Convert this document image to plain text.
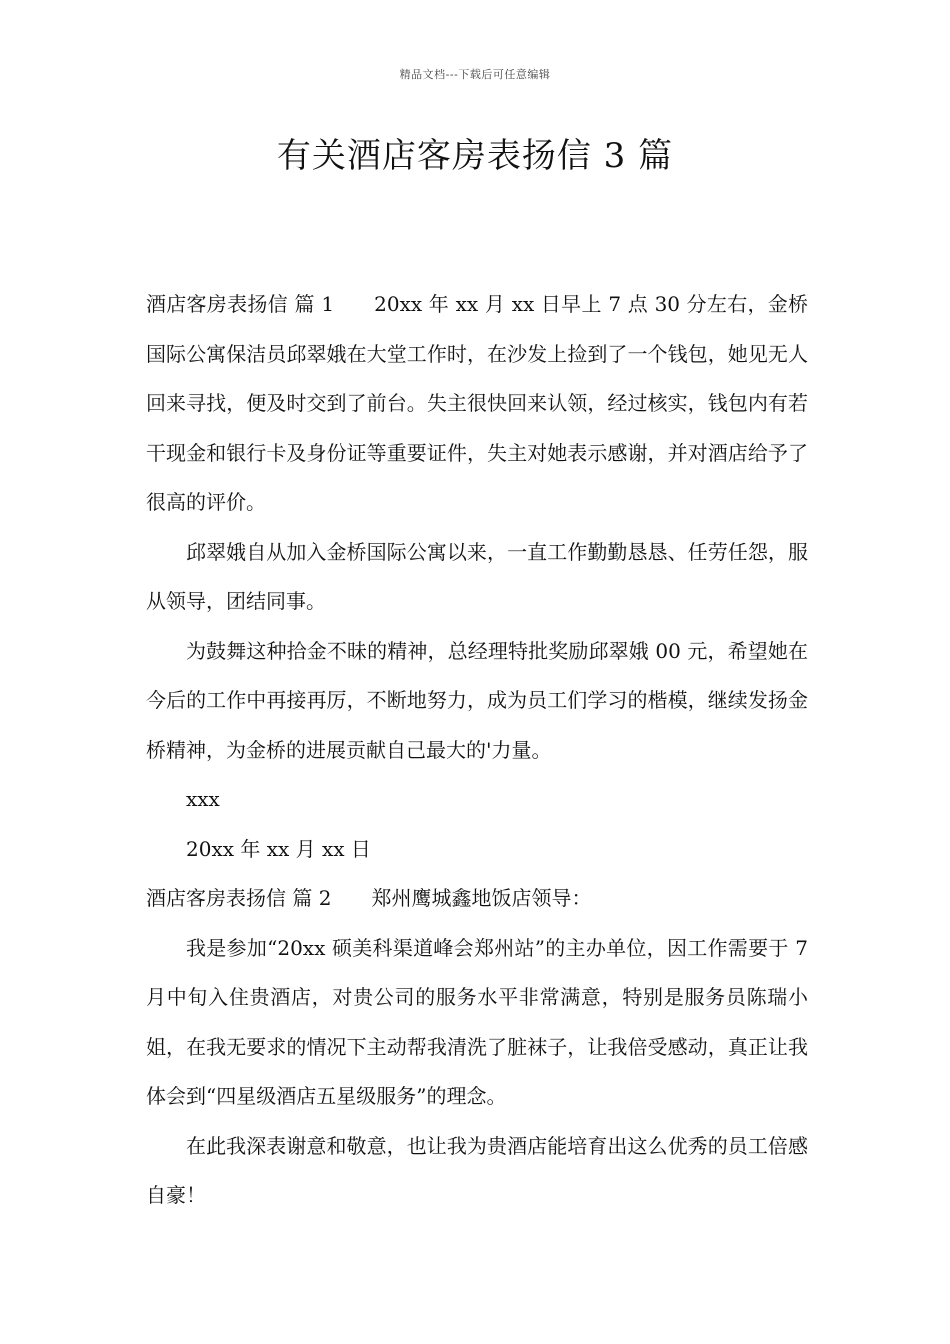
精品文档---下载后可任意编辑
有关酒店客房表扬信 3 篇

酒店客房表扬信 篇 1 20xx 年 xx 月 xx 日早上 7 点 30 分左右，金桥国际公寓保洁员邱翠娥在大堂工作时，在沙发上捡到了一个钱包，她见无人回来寻找，便及时交到了前台。失主很快回来认领，经过核实，钱包内有若干现金和银行卡及身份证等重要证件，失主对她表示感谢，并对酒店给予了很高的评价。

邱翠娥自从加入金桥国际公寓以来，一直工作勤勤恳恳、任劳任怨，服从领导，团结同事。

为鼓舞这种拾金不昧的精神，总经理特批奖励邱翠娥 00 元，希望她在今后的工作中再接再厉，不断地努力，成为员工们学习的楷模，继续发扬金桥精神，为金桥的进展贡献自己最大的'力量。

xxx

20xx 年 xx 月 xx 日

酒店客房表扬信 篇 2 郑州鹰城鑫地饭店领导：

我是参加“20xx 硕美科渠道峰会郑州站”的主办单位，因工作需要于 7 月中旬入住贵酒店，对贵公司的服务水平非常满意，特别是服务员陈瑞小姐，在我无要求的情况下主动帮我清洗了脏袜子，让我倍受感动，真正让我体会到“四星级酒店五星级服务”的理念。

在此我深表谢意和敬意，也让我为贵酒店能培育出这么优秀的员工倍感自豪！
